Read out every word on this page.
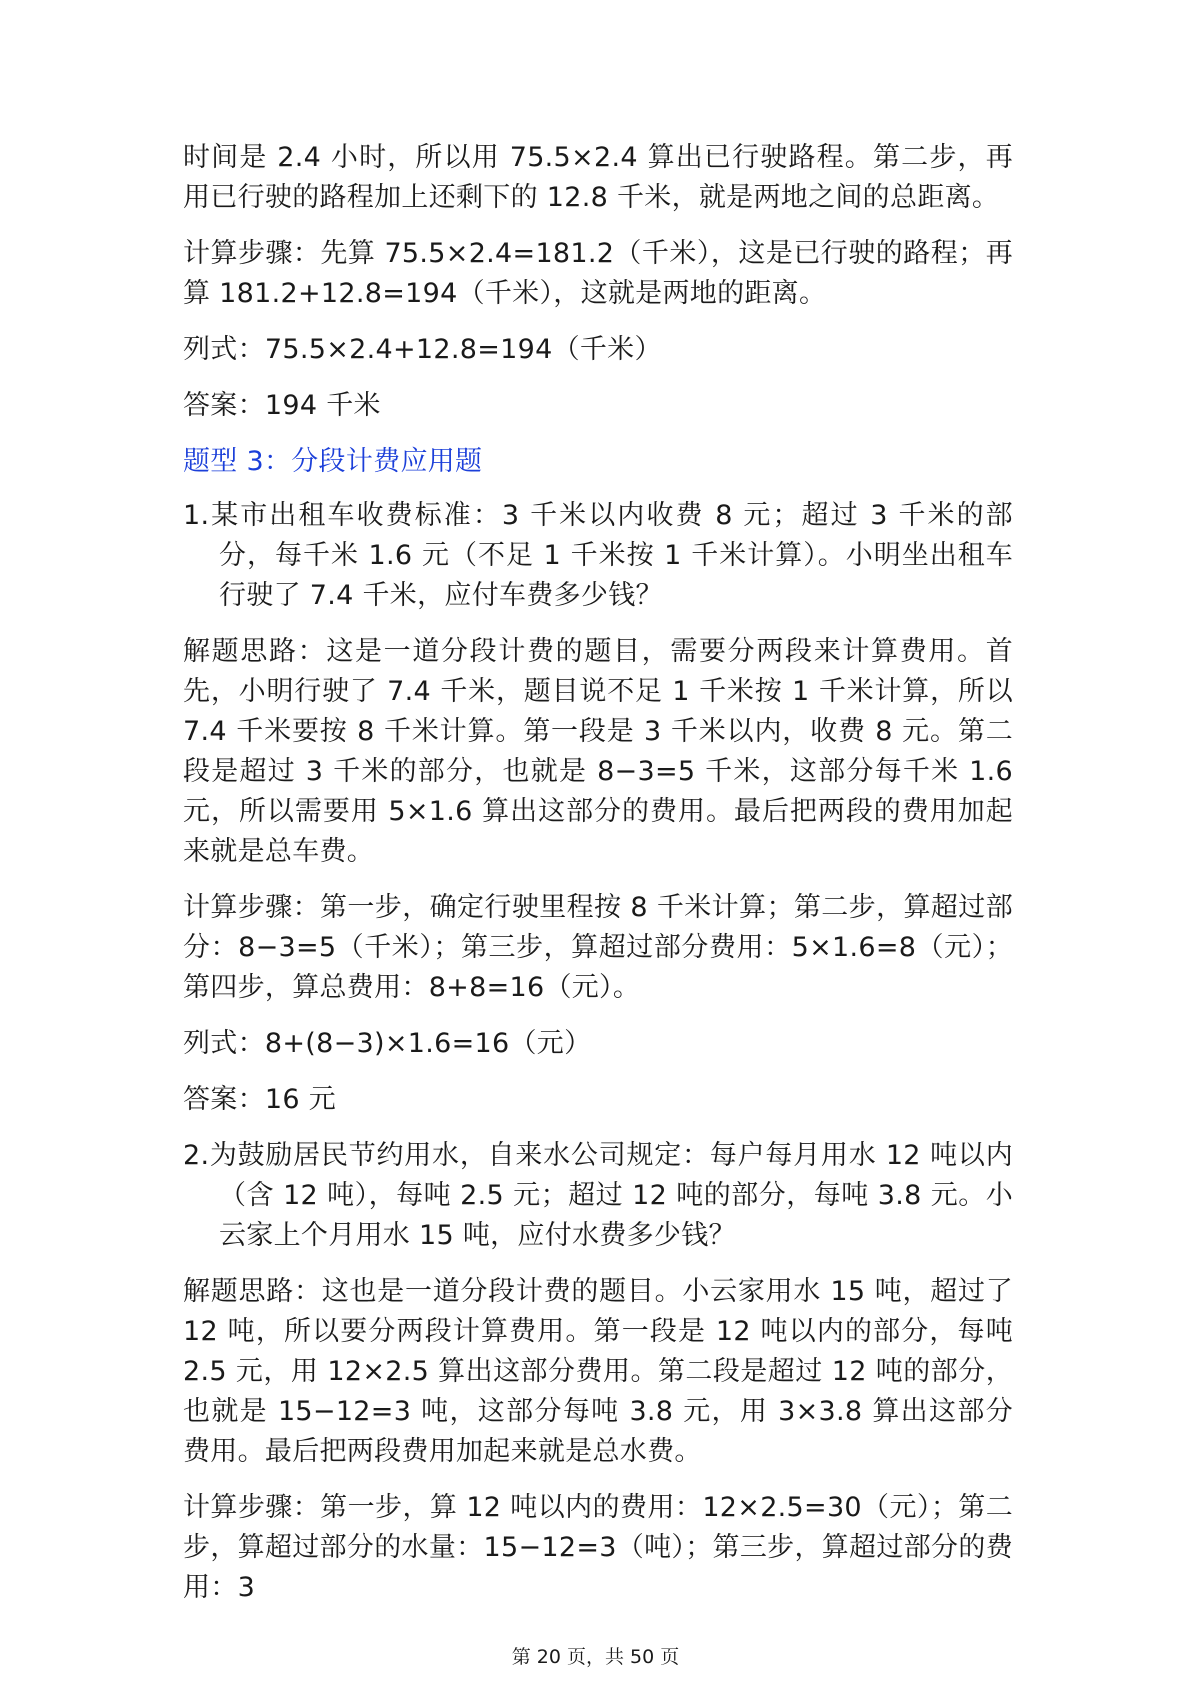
时间是 2.4 小时，所以用 75.5×2.4 算出已行驶路程。第二步，再用已行驶的路程加上还剩下的 12.8 千米，就是两地之间的总距离。

计算步骤：先算 75.5×2.4=181.2（千米），这是已行驶的路程；再算 181.2+12.8=194（千米），这就是两地的距离。

列式：75.5×2.4+12.8=194（千米）

答案：194 千米

题型 3：分段计费应用题

1.某市出租车收费标准：3 千米以内收费 8 元；超过 3 千米的部分，每千米 1.6 元（不足 1 千米按 1 千米计算）。小明坐出租车行驶了 7.4 千米，应付车费多少钱？

解题思路：这是一道分段计费的题目，需要分两段来计算费用。首先，小明行驶了 7.4 千米，题目说不足 1 千米按 1 千米计算，所以 7.4 千米要按 8 千米计算。第一段是 3 千米以内，收费 8 元。第二段是超过 3 千米的部分，也就是 8−3=5 千米，这部分每千米 1.6 元，所以需要用 5×1.6 算出这部分的费用。最后把两段的费用加起来就是总车费。

计算步骤：第一步，确定行驶里程按 8 千米计算；第二步，算超过部分：8−3=5（千米）；第三步，算超过部分费用：5×1.6=8（元）；第四步，算总费用：8+8=16（元）。

列式：8+(8−3)×1.6=16（元）

答案：16 元

2.为鼓励居民节约用水，自来水公司规定：每户每月用水 12 吨以内（含 12 吨），每吨 2.5 元；超过 12 吨的部分，每吨 3.8 元。小云家上个月用水 15 吨，应付水费多少钱？

解题思路：这也是一道分段计费的题目。小云家用水 15 吨，超过了 12 吨，所以要分两段计算费用。第一段是 12 吨以内的部分，每吨 2.5 元，用 12×2.5 算出这部分费用。第二段是超过 12 吨的部分，也就是 15−12=3 吨，这部分每吨 3.8 元，用 3×3.8 算出这部分费用。最后把两段费用加起来就是总水费。

计算步骤：第一步，算 12 吨以内的费用：12×2.5=30（元）；第二步，算超过部分的水量：15−12=3（吨）；第三步，算超过部分的费用：3

第 20 页，共 50 页
